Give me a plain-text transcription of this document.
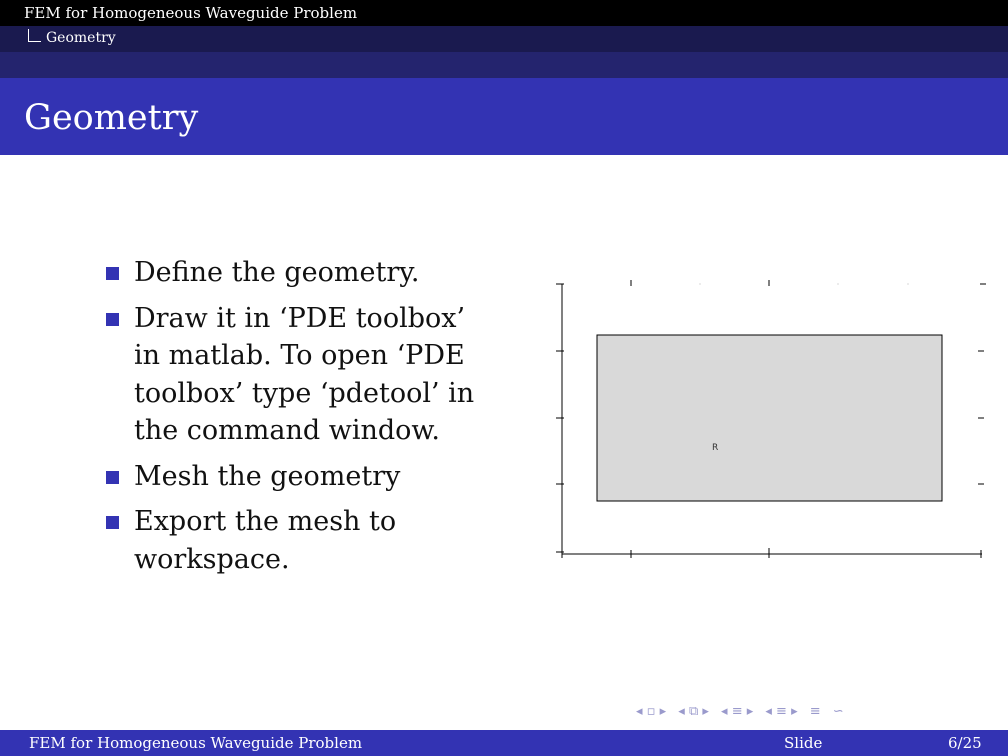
FEM for Homogeneous Waveguide Problem
Geometry
Geometry
Define the geometry.
Draw it in ‘PDE toolbox’ in matlab. To open ‘PDE toolbox’ type ‘pdetool’ in the command window.
Mesh the geometry
Export the mesh to workspace.
R
◂ ▫ ▸ ◂ ⧉ ▸ ◂ ≡ ▸ ◂ ≡ ▸ ≡ ∽
FEM for Homogeneous Waveguide Problem	Slide	6/25
